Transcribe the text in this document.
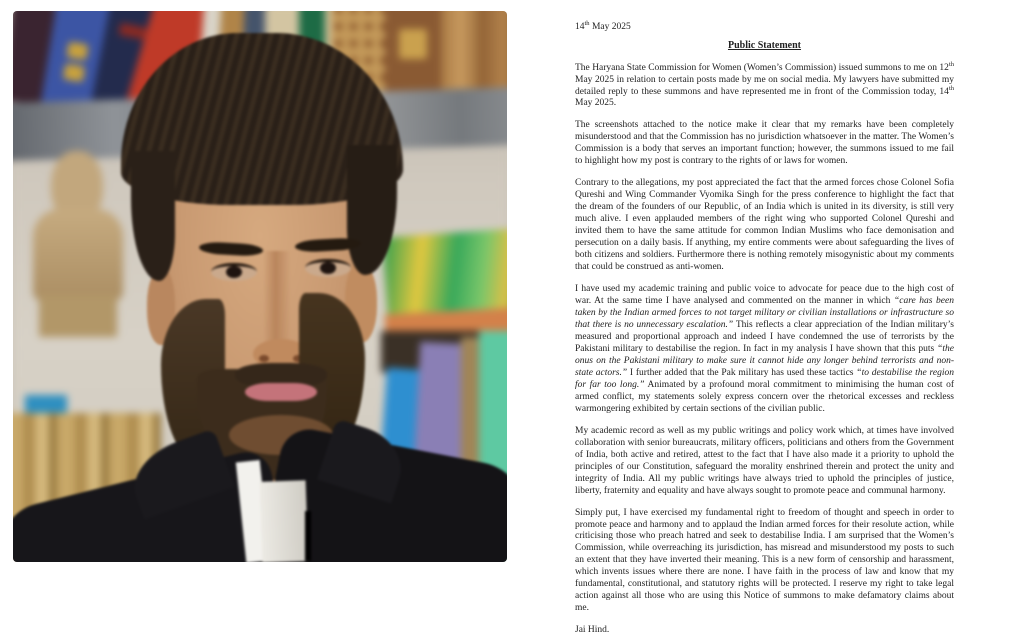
14th May 2025
Public Statement

The Haryana State Commission for Women (Women’s Commission) issued summons to me on 12th May 2025 in relation to certain posts made by me on social media. My lawyers have submitted my detailed reply to these summons and have represented me in front of the Commission today, 14th May 2025.

The screenshots attached to the notice make it clear that my remarks have been completely misunderstood and that the Commission has no jurisdiction whatsoever in the matter. The Women’s Commission is a body that serves an important function; however, the summons issued to me fail to highlight how my post is contrary to the rights of or laws for women.

Contrary to the allegations, my post appreciated the fact that the armed forces chose Colonel Sofia Qureshi and Wing Commander Vyomika Singh for the press conference to highlight the fact that the dream of the founders of our Republic, of an India which is united in its diversity, is still very much alive. I even applauded members of the right wing who supported Colonel Qureshi and invited them to have the same attitude for common Indian Muslims who face demonisation and persecution on a daily basis. If anything, my entire comments were about safeguarding the lives of both citizens and soldiers. Furthermore there is nothing remotely misogynistic about my comments that could be construed as anti-women.

I have used my academic training and public voice to advocate for peace due to the high cost of war. At the same time I have analysed and commented on the manner in which “care has been taken by the Indian armed forces to not target military or civilian installations or infrastructure so that there is no unnecessary escalation.” This reflects a clear appreciation of the Indian military’s measured and proportional approach and indeed I have condemned the use of terrorists by the Pakistani military to destabilise the region. In fact in my analysis I have shown that this puts “the onus on the Pakistani military to make sure it cannot hide any longer behind terrorists and non-state actors.” I further added that the Pak military has used these tactics “to destabilise the region for far too long.” Animated by a profound moral commitment to minimising the human cost of armed conflict, my statements solely express concern over the rhetorical excesses and reckless warmongering exhibited by certain sections of the civilian public.

My academic record as well as my public writings and policy work which, at times have involved collaboration with senior bureaucrats, military officers, politicians and others from the Government of India, both active and retired, attest to the fact that I have also made it a priority to uphold the principles of our Constitution, safeguard the morality enshrined therein and protect the unity and integrity of India. All my public writings have always tried to uphold the principles of justice, liberty, fraternity and equality and have always sought to promote peace and communal harmony.

Simply put, I have exercised my fundamental right to freedom of thought and speech in order to promote peace and harmony and to applaud the Indian armed forces for their resolute action, while criticising those who preach hatred and seek to destabilise India. I am surprised that the Women’s Commission, while overreaching its jurisdiction, has misread and misunderstood my posts to such an extent that they have inverted their meaning. This is a new form of censorship and harassment, which invents issues where there are none. I have faith in the process of law and know that my fundamental, constitutional, and statutory rights will be protected. I reserve my right to take legal action against all those who are using this Notice of summons to make defamatory claims about me.

Jai Hind.
